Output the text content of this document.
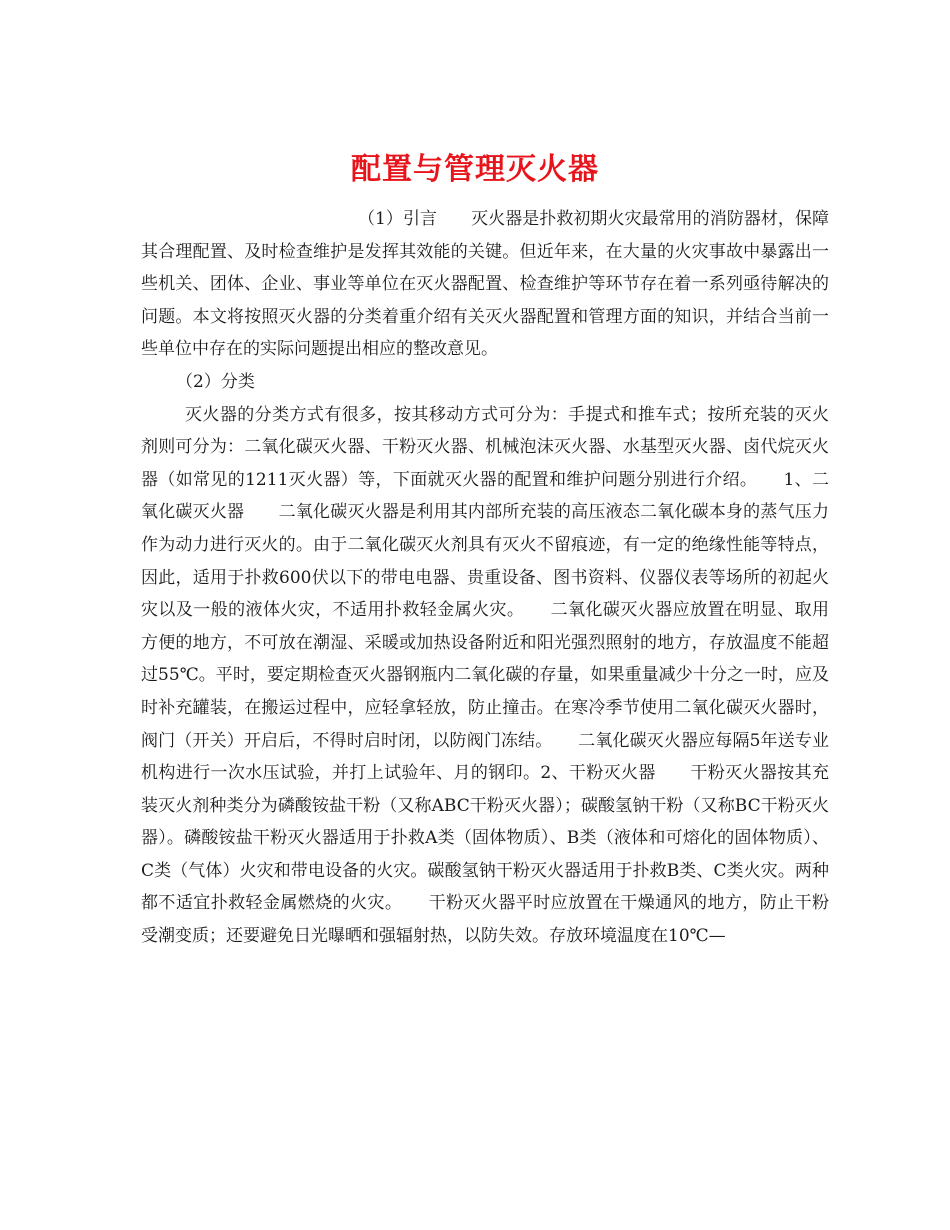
配置与管理灭火器

（1）引言　　灭火器是扑救初期火灾最常用的消防器材，保障其合理配置、及时检查维护是发挥其效能的关键。但近年来，在大量的火灾事故中暴露出一些机关、团体、企业、事业等单位在灭火器配置、检查维护等环节存在着一系列亟待解决的问题。本文将按照灭火器的分类着重介绍有关灭火器配置和管理方面的知识，并结合当前一些单位中存在的实际问题提出相应的整改意见。

（2）分类

灭火器的分类方式有很多，按其移动方式可分为：手提式和推车式；按所充装的灭火剂则可分为：二氧化碳灭火器、干粉灭火器、机械泡沫灭火器、水基型灭火器、卤代烷灭火器（如常见的1211灭火器）等，下面就灭火器的配置和维护问题分别进行介绍。　　1、二氧化碳灭火器　　二氧化碳灭火器是利用其内部所充装的高压液态二氧化碳本身的蒸气压力作为动力进行灭火的。由于二氧化碳灭火剂具有灭火不留痕迹，有一定的绝缘性能等特点，因此，适用于扑救600伏以下的带电电器、贵重设备、图书资料、仪器仪表等场所的初起火灾以及一般的液体火灾，不适用扑救轻金属火灾。　　二氧化碳灭火器应放置在明显、取用方便的地方，不可放在潮湿、采暖或加热设备附近和阳光强烈照射的地方，存放温度不能超过55℃。平时，要定期检查灭火器钢瓶内二氧化碳的存量，如果重量减少十分之一时，应及时补充罐装，在搬运过程中，应轻拿轻放，防止撞击。在寒冷季节使用二氧化碳灭火器时，阀门（开关）开启后，不得时启时闭，以防阀门冻结。　　二氧化碳灭火器应每隔5年送专业机构进行一次水压试验，并打上试验年、月的钢印。2、干粉灭火器　　干粉灭火器按其充装灭火剂种类分为磷酸铵盐干粉（又称ABC干粉灭火器）；碳酸氢钠干粉（又称BC干粉灭火器）。磷酸铵盐干粉灭火器适用于扑救A类（固体物质）、B类（液体和可熔化的固体物质）、C类（气体）火灾和带电设备的火灾。碳酸氢钠干粉灭火器适用于扑救B类、C类火灾。两种都不适宜扑救轻金属燃烧的火灾。　　干粉灭火器平时应放置在干燥通风的地方，防止干粉受潮变质；还要避免日光曝晒和强辐射热，以防失效。存放环境温度在10℃—
